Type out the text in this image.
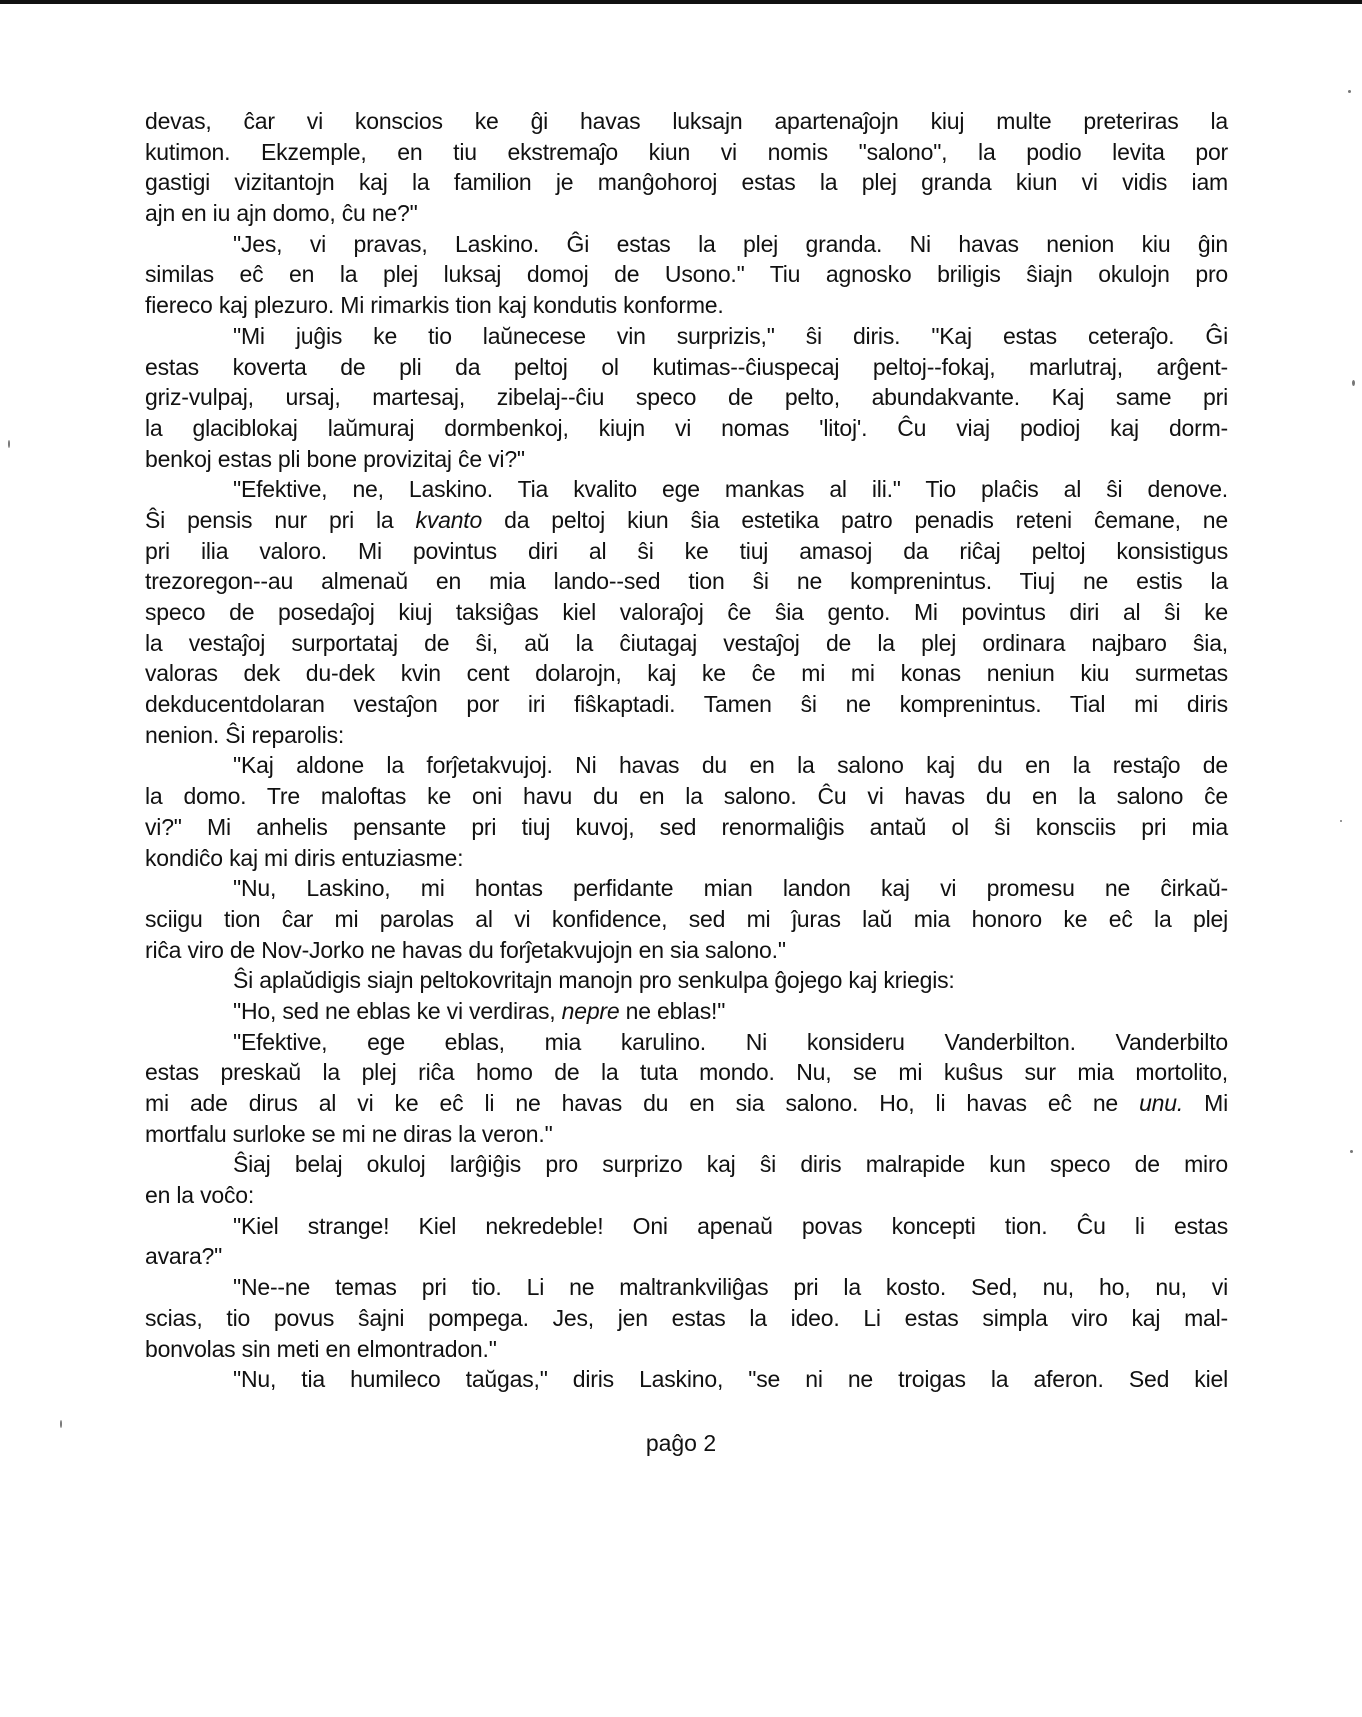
devas, ĉar vi konscios ke ĝi havas luksajn apartenaĵojn kiuj multe preteriras la
kutimon. Ekzemple, en tiu ekstremaĵo kiun vi nomis "salono", la podio levita por
gastigi vizitantojn kaj la familion je manĝohoroj estas la plej granda kiun vi vidis iam
ajn en iu ajn domo, ĉu ne?"
"Jes, vi pravas, Laskino. Ĝi estas la plej granda. Ni havas nenion kiu ĝin
similas eĉ en la plej luksaj domoj de Usono." Tiu agnosko briligis ŝiajn okulojn pro
fiereco kaj plezuro. Mi rimarkis tion kaj kondutis konforme.
"Mi juĝis ke tio laŭnecese vin surprizis," ŝi diris. "Kaj estas ceteraĵo. Ĝi
estas koverta de pli da peltoj ol kutimas--ĉiuspecaj peltoj--fokaj, marlutraj, arĝent-
griz-vulpaj, ursaj, martesaj, zibelaj--ĉiu speco de pelto, abundakvante. Kaj same pri
la glaciblokaj laŭmuraj dormbenkoj, kiujn vi nomas 'litoj'. Ĉu viaj podioj kaj dorm-
benkoj estas pli bone provizitaj ĉe vi?"
"Efektive, ne, Laskino. Tia kvalito ege mankas al ili." Tio plaĉis al ŝi denove.
Ŝi pensis nur pri la kvanto da peltoj kiun ŝia estetika patro penadis reteni ĉemane, ne
pri ilia valoro. Mi povintus diri al ŝi ke tiuj amasoj da riĉaj peltoj konsistigus
trezoregon--au almenaŭ en mia lando--sed tion ŝi ne komprenintus. Tiuj ne estis la
speco de posedaĵoj kiuj taksiĝas kiel valoraĵoj ĉe ŝia gento. Mi povintus diri al ŝi ke
la vestaĵoj surportataj de ŝi, aŭ la ĉiutagaj vestaĵoj de la plej ordinara najbaro ŝia,
valoras dek du-dek kvin cent dolarojn, kaj ke ĉe mi mi konas neniun kiu surmetas
dekducentdolaran vestaĵon por iri fiŝkaptadi. Tamen ŝi ne komprenintus. Tial mi diris
nenion. Ŝi reparolis:
"Kaj aldone la forĵetakvujoj. Ni havas du en la salono kaj du en la restaĵo de
la domo. Tre maloftas ke oni havu du en la salono. Ĉu vi havas du en la salono ĉe
vi?" Mi anhelis pensante pri tiuj kuvoj, sed renormaliĝis antaŭ ol ŝi konsciis pri mia
kondiĉo kaj mi diris entuziasme:
"Nu, Laskino, mi hontas perfidante mian landon kaj vi promesu ne ĉirkaŭ-
sciigu tion ĉar mi parolas al vi konfidence, sed mi ĵuras laŭ mia honoro ke eĉ la plej
riĉa viro de Nov-Jorko ne havas du forĵetakvujojn en sia salono."
Ŝi aplaŭdigis siajn peltokovritajn manojn pro senkulpa ĝojego kaj kriegis:
"Ho, sed ne eblas ke vi verdiras, nepre ne eblas!"
"Efektive, ege eblas, mia karulino. Ni konsideru Vanderbilton. Vanderbilto
estas preskaŭ la plej riĉa homo de la tuta mondo. Nu, se mi kuŝus sur mia mortolito,
mi ade dirus al vi ke eĉ li ne havas du en sia salono. Ho, li havas eĉ ne unu. Mi
mortfalu surloke se mi ne diras la veron."
Ŝiaj belaj okuloj larĝiĝis pro surprizo kaj ŝi diris malrapide kun speco de miro
en la voĉo:
"Kiel strange! Kiel nekredeble! Oni apenaŭ povas koncepti tion. Ĉu li estas
avara?"
"Ne--ne temas pri tio. Li ne maltrankviliĝas pri la kosto. Sed, nu, ho, nu, vi
scias, tio povus ŝajni pompega. Jes, jen estas la ideo. Li estas simpla viro kaj mal-
bonvolas sin meti en elmontradon."
"Nu, tia humileco taŭgas," diris Laskino, "se ni ne troigas la aferon. Sed kiel
paĝo 2
